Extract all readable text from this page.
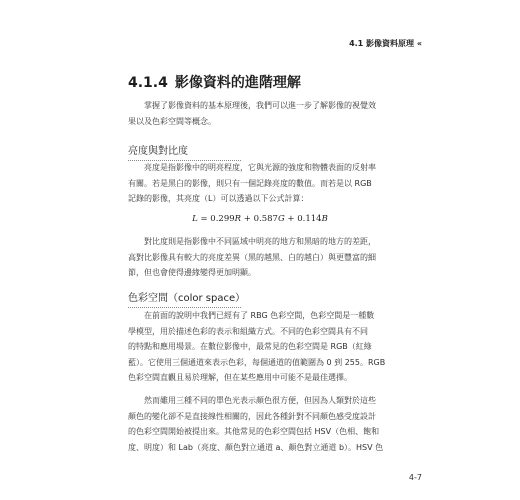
4.1 影像資料原理 «
4.1.4 影像資料的進階理解

掌握了影像資料的基本原理後，我們可以進一步了解影像的視覺效
果以及色彩空間等概念。

亮度與對比度

亮度是指影像中的明亮程度，它與光源的強度和物體表面的反射率
有關。若是黑白的影像，則只有一個記錄亮度的數值。而若是以 RGB
記錄的影像，其亮度（L）可以透過以下公式計算：

L = 0.299R + 0.587G + 0.114B

對比度則是指影像中不同區域中明亮的地方和黑暗的地方的差距，
高對比影像具有較大的亮度差異（黑的越黑、白的越白）與更豐富的細
節，但也會使得邊緣變得更加明顯。

色彩空間（color space）

在前面的說明中我們已經有了 RBG 色彩空間，色彩空間是一種數
學模型，用於描述色彩的表示和組織方式。不同的色彩空間具有不同
的特點和應用場景。在數位影像中，最常見的色彩空間是 RGB（紅綠
藍）。它使用三個通道來表示色彩，每個通道的值範圍為 0 到 255。RGB
色彩空間直觀且易於理解，但在某些應用中可能不是最佳選擇。

然而雖用三種不同的單色光表示顏色很方便，但因為人類對於這些
顏色的變化卻不是直接線性相關的，因此各種針對不同顏色感受度設計
的色彩空間開始被提出來。其他常見的色彩空間包括 HSV（色相、飽和
度、明度）和 Lab（亮度、顏色對立通道 a、顏色對立通道 b）。HSV 色

4-7
